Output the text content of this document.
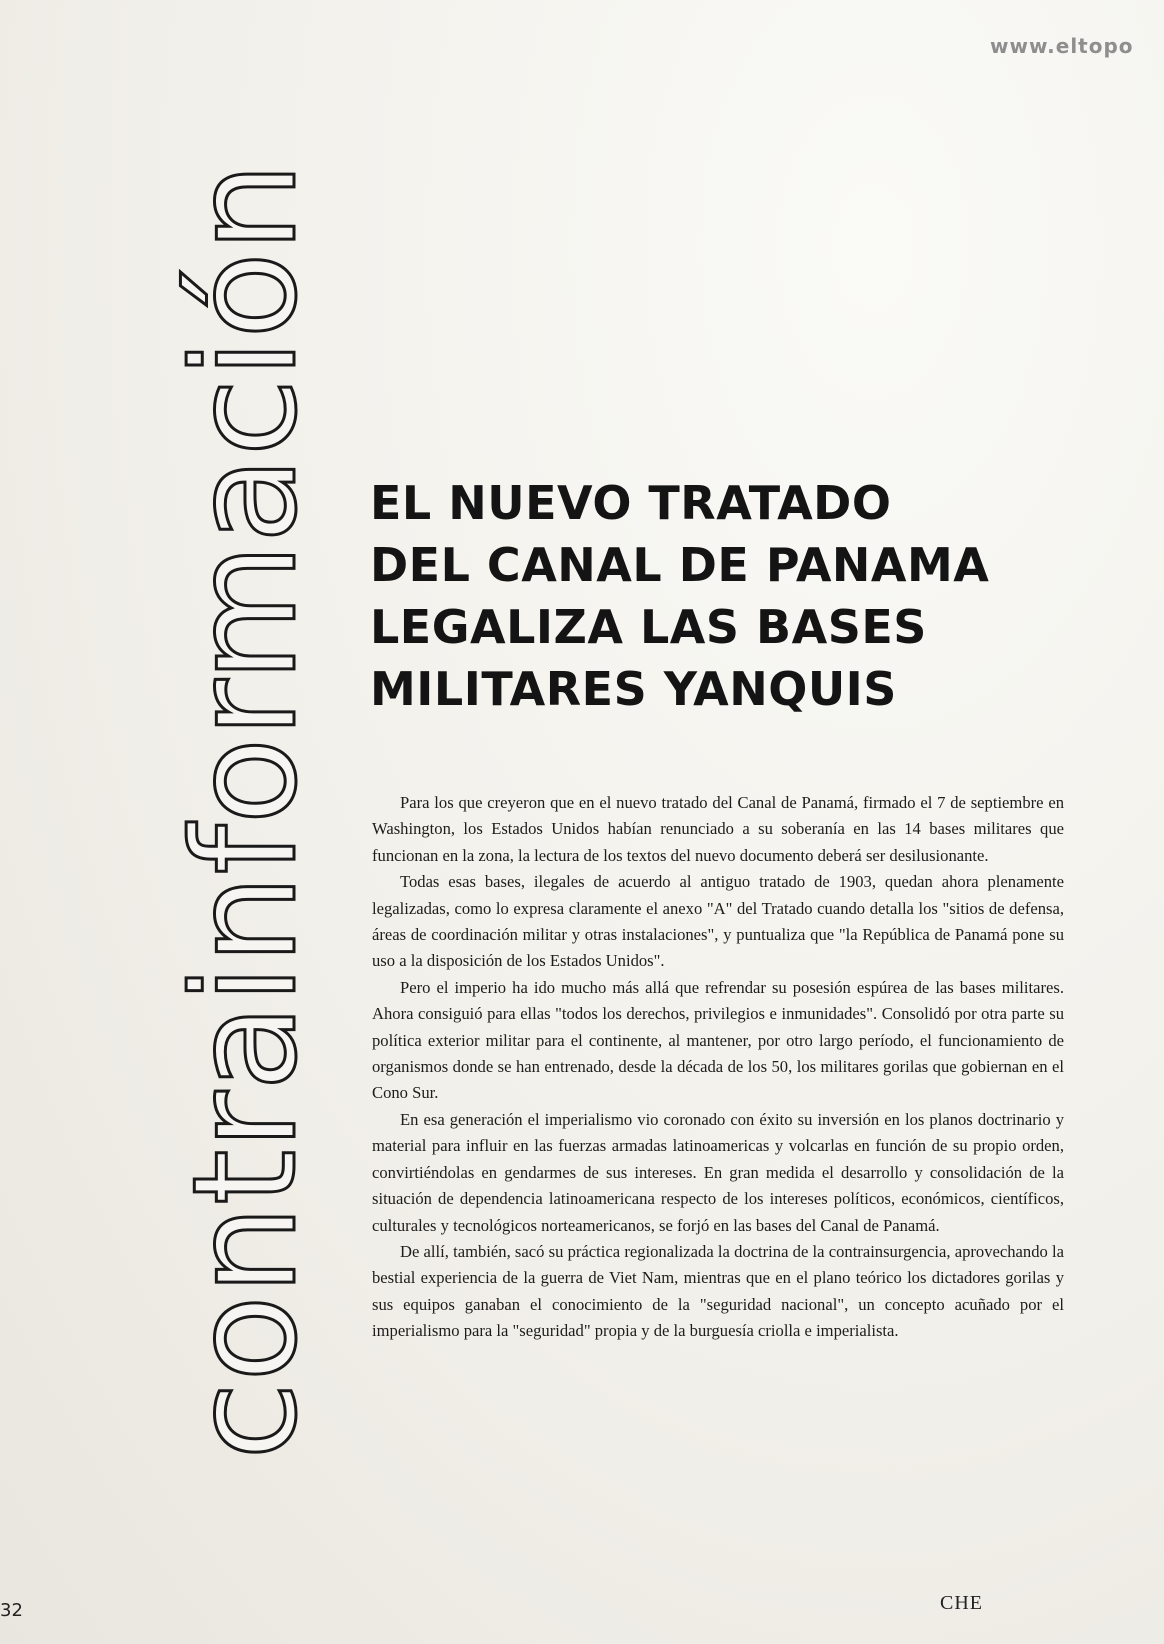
www.eltopo
contrainformación EL NUEVO TRATADO
DEL CANAL DE PANAMA
LEGALIZA LAS BASES
MILITARES YANQUIS

Para los que creyeron que en el nuevo tratado del Canal de Panamá, firmado el 7 de septiembre en Washington, los Estados Unidos habían renunciado a su soberanía en las 14 bases militares que funcionan en la zona, la lectura de los textos del nuevo documento deberá ser desilusionante.

Todas esas bases, ilegales de acuerdo al antiguo tratado de 1903, quedan ahora plenamente legalizadas, como lo expresa claramente el anexo "A" del Tratado cuando detalla los "sitios de defensa, áreas de coordinación militar y otras instalaciones", y puntualiza que "la República de Panamá pone su uso a la disposición de los Estados Unidos".

Pero el imperio ha ido mucho más allá que refrendar su posesión espúrea de las bases militares. Ahora consiguió para ellas "todos los derechos, privilegios e inmunidades". Consolidó por otra parte su política exterior militar para el continente, al mantener, por otro largo período, el funcionamiento de organismos donde se han entrenado, desde la década de los 50, los militares gorilas que gobiernan en el Cono Sur.

En esa generación el imperialismo vio coronado con éxito su inversión en los planos doctrinario y material para influir en las fuerzas armadas latinoamericas y volcarlas en función de su propio orden, convirtiéndolas en gendarmes de sus intereses. En gran medida el desarrollo y consolidación de la situación de dependencia latinoamericana respecto de los intereses políticos, económicos, científicos, culturales y tecnológicos norteamericanos, se forjó en las bases del Canal de Panamá.

De allí, también, sacó su práctica regionalizada la doctrina de la contrainsurgencia, aprovechando la bestial experiencia de la guerra de Viet Nam, mientras que en el plano teórico los dictadores gorilas y sus equipos ganaban el conocimiento de la "seguridad nacional", un concepto acuñado por el imperialismo para la "seguridad" propia y de la burguesía criolla e imperialista.

CHE
32
